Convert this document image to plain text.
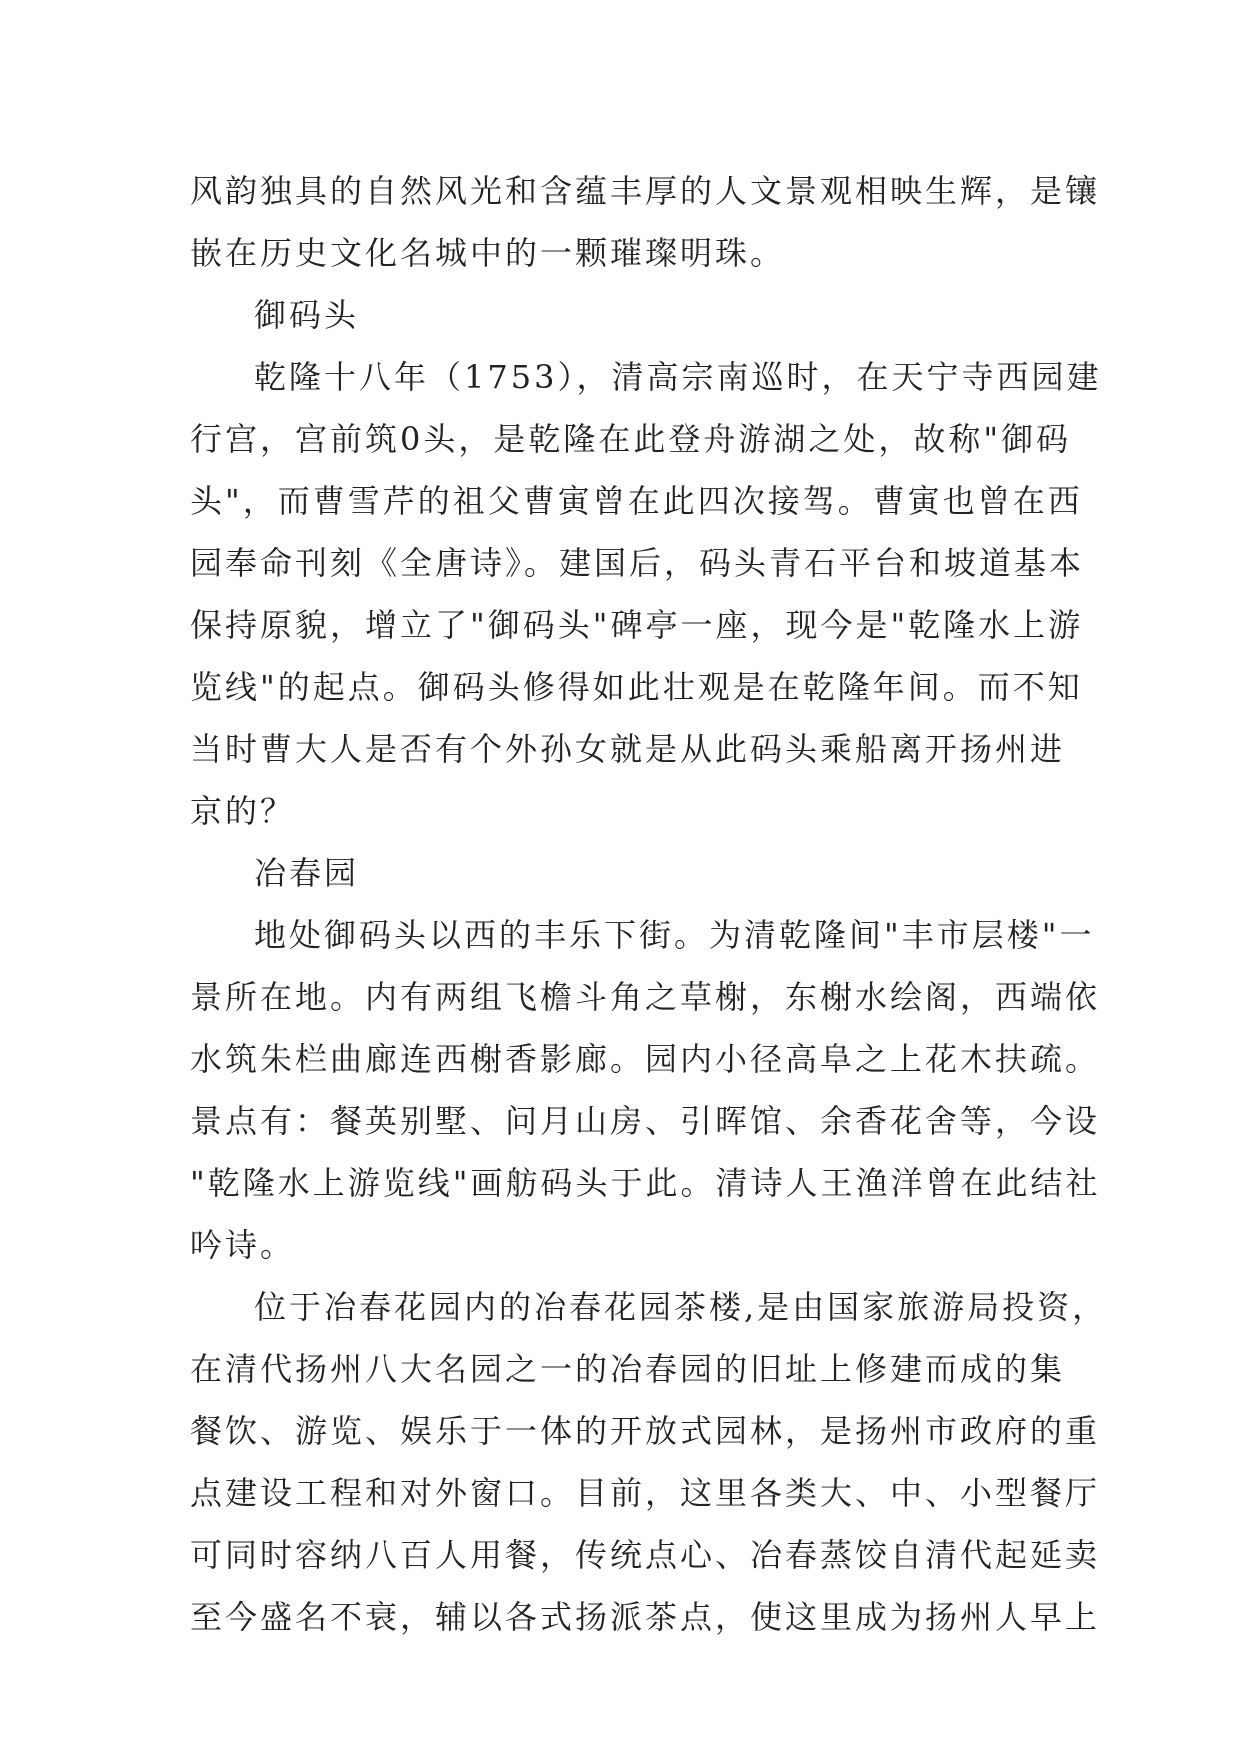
风韵独具的自然风光和含蕴丰厚的人文景观相映生辉，是镶
嵌在历史文化名城中的一颗璀璨明珠。
御码头
乾隆十八年（1753），清高宗南巡时，在天宁寺西园建
行宫，宫前筑0头，是乾隆在此登舟游湖之处，故称"御码
头"，而曹雪芹的祖父曹寅曾在此四次接驾。曹寅也曾在西
园奉命刊刻《全唐诗》。建国后，码头青石平台和坡道基本
保持原貌，增立了"御码头"碑亭一座，现今是"乾隆水上游
览线"的起点。御码头修得如此壮观是在乾隆年间。而不知
当时曹大人是否有个外孙女就是从此码头乘船离开扬州进
京的？
冶春园
地处御码头以西的丰乐下街。为清乾隆间"丰市层楼"一
景所在地。内有两组飞檐斗角之草榭，东榭水绘阁，西端依
水筑朱栏曲廊连西榭香影廊。园内小径高阜之上花木扶疏。
景点有：餐英别墅、问月山房、引晖馆、余香花舍等，今设
"乾隆水上游览线"画舫码头于此。清诗人王渔洋曾在此结社
吟诗。
位于冶春花园内的冶春花园茶楼,是由国家旅游局投资，
在清代扬州八大名园之一的冶春园的旧址上修建而成的集
餐饮、游览、娱乐于一体的开放式园林，是扬州市政府的重
点建设工程和对外窗口。目前，这里各类大、中、小型餐厅
可同时容纳八百人用餐，传统点心、冶春蒸饺自清代起延卖
至今盛名不衰，辅以各式扬派茶点，使这里成为扬州人早上
